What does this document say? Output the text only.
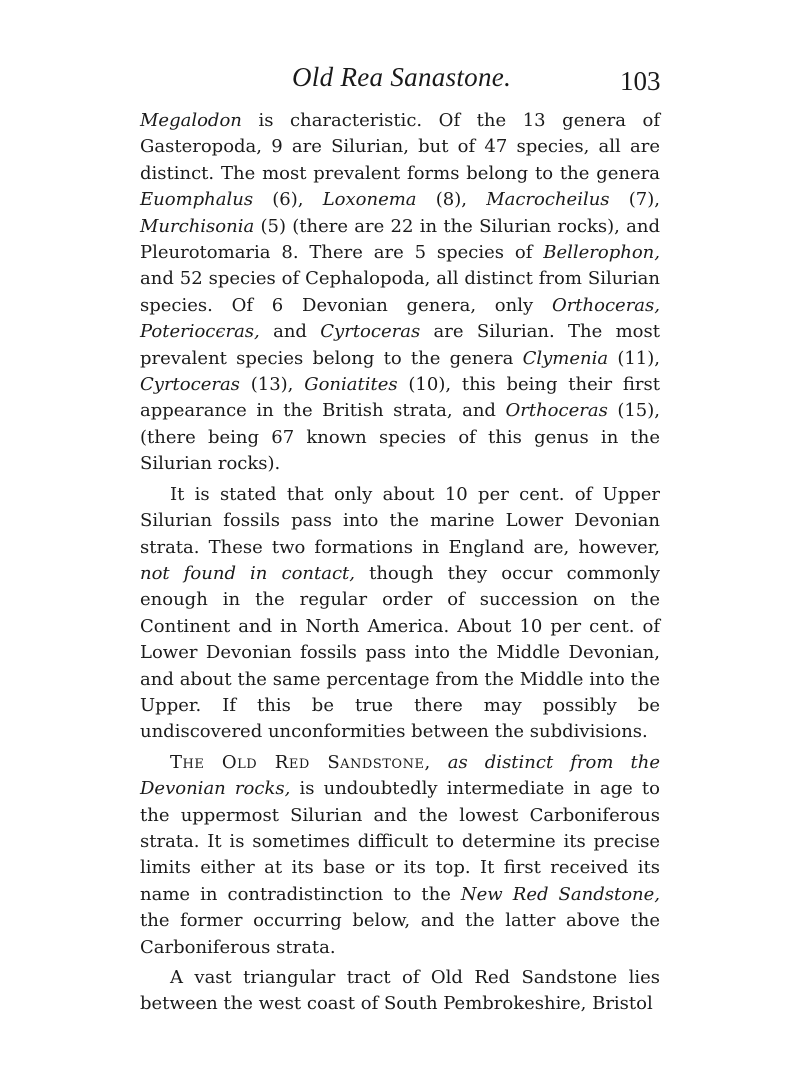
Old Rea Sanastone.	103

Megalodon is characteristic. Of the 13 genera of Gasteropoda, 9 are Silurian, but of 47 species, all are distinct. The most prevalent forms belong to the genera Euomphalus (6), Loxonema (8), Macrocheilus (7), Murchisonia (5) (there are 22 in the Silurian rocks), and Pleurotomaria 8. There are 5 species of Bellerophon, and 52 species of Cephalopoda, all distinct from Silurian species. Of 6 Devonian genera, only Orthoceras, Poteriocєras, and Cyrtoceras are Silurian. The most prevalent species belong to the genera Clymenia (11), Cyrtoceras (13), Goniatites (10), this being their first appearance in the British strata, and Orthoceras (15), (there being 67 known species of this genus in the Silurian rocks).

It is stated that only about 10 per cent. of Upper Silurian fossils pass into the marine Lower Devonian strata. These two formations in England are, however, not found in contact, though they occur commonly enough in the regular order of succession on the Continent and in North America. About 10 per cent. of Lower Devonian fossils pass into the Middle Devonian, and about the same percentage from the Middle into the Upper. If this be true there may possibly be undiscovered unconformities between the subdivisions.

The Old Red Sandstone, as distinct from the Devonian rocks, is undoubtedly intermediate in age to the uppermost Silurian and the lowest Carboniferous strata. It is sometimes difficult to determine its precise limits either at its base or its top. It first received its name in contradistinction to the New Red Sandstone, the former occurring below, and the latter above the Carboniferous strata.

A vast triangular tract of Old Red Sandstone lies between the west coast of South Pembrokeshire, Bristol
